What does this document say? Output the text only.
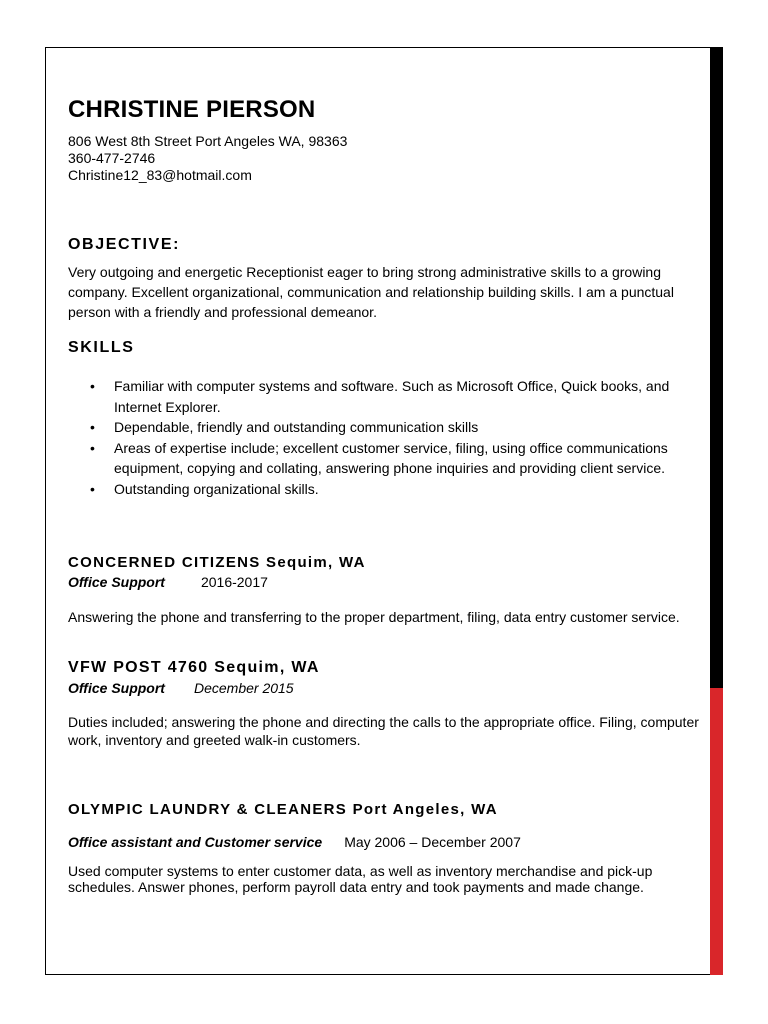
CHRISTINE PIERSON
806 West 8th Street Port Angeles WA, 98363
360-477-2746
Christine12_83@hotmail.com
OBJECTIVE:
Very outgoing and energetic Receptionist eager to bring strong administrative skills to a growing company. Excellent organizational, communication and relationship building skills. I am a punctual person with a friendly and professional demeanor.
SKILLS
• Familiar with computer systems and software. Such as Microsoft Office, Quick books, and Internet Explorer.
• Dependable, friendly and outstanding communication skills
• Areas of expertise include; excellent customer service, filing, using office communications equipment, copying and collating, answering phone inquiries and providing client service.
• Outstanding organizational skills.
CONCERNED CITIZENS Sequim, WA
Office Support	2016-2017
Answering the phone and transferring to the proper department, filing, data entry customer service.
VFW POST 4760 Sequim, WA
Office Support December 2015
Duties included; answering the phone and directing the calls to the appropriate office. Filing, computer work, inventory and greeted walk-in customers.
OLYMPIC LAUNDRY & CLEANERS Port Angeles, WA
Office assistant and Customer service May 2006 – December 2007
Used computer systems to enter customer data, as well as inventory merchandise and pick-up schedules. Answer phones, perform payroll data entry and took payments and made change.
